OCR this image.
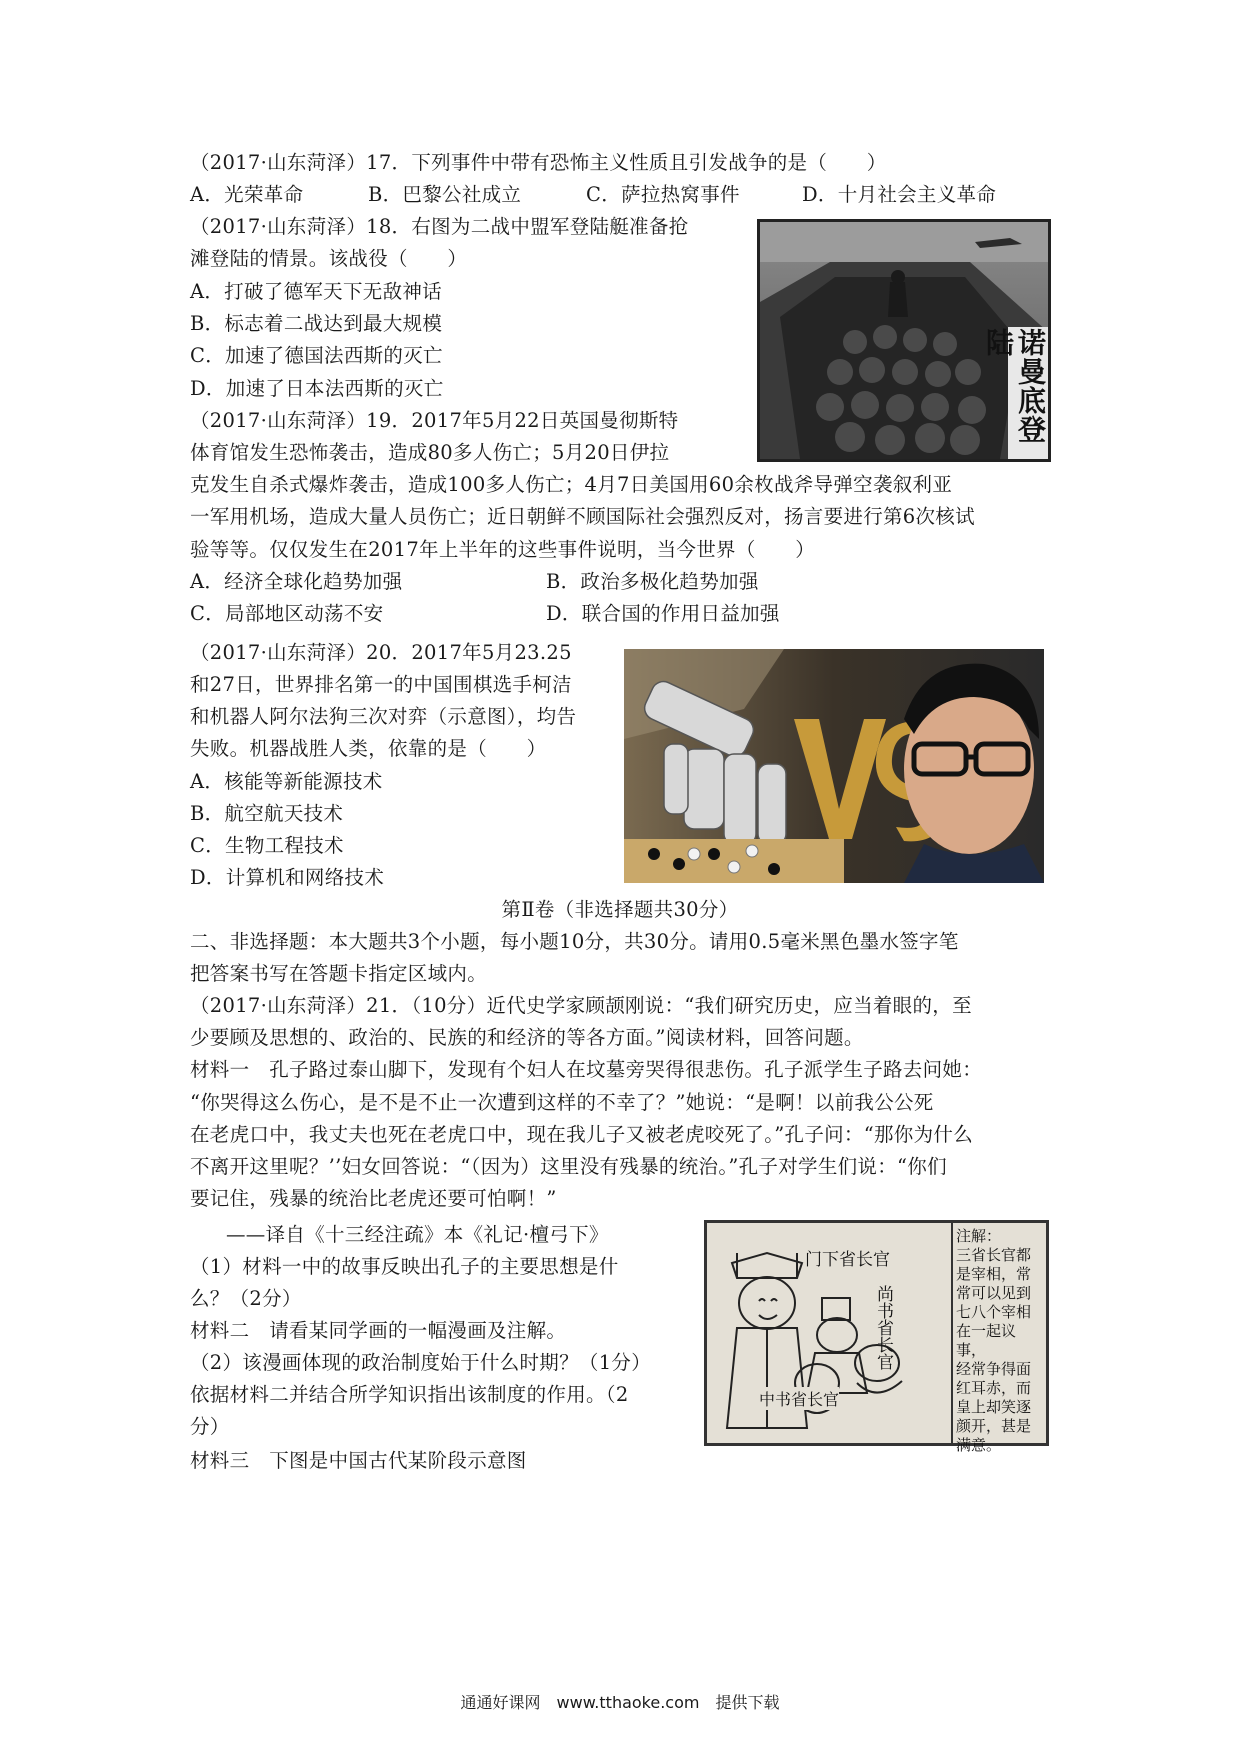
（2017·山东菏泽）17．下列事件中带有恐怖主义性质且引发战争的是（　　）
A．光荣革命	B．巴黎公社成立	C．萨拉热窝事件	D．十月社会主义革命
（2017·山东菏泽）18．右图为二战中盟军登陆艇准备抢
滩登陆的情景。该战役（　　）
A．打破了德军天下无敌神话
B．标志着二战达到最大规模
C．加速了德国法西斯的灭亡
D．加速了日本法西斯的灭亡	诺曼底登陆
（2017·山东菏泽）19．2017年5月22日英国曼彻斯特
体育馆发生恐怖袭击，造成80多人伤亡；5月20日伊拉
克发生自杀式爆炸袭击，造成100多人伤亡；4月7日美国用60余枚战斧导弹空袭叙利亚
一军用机场，造成大量人员伤亡；近日朝鲜不顾国际社会强烈反对，扬言要进行第6次核试
验等等。仅仅发生在2017年上半年的这些事件说明，当今世界（　　）
A．经济全球化趋势加强	B．政治多极化趋势加强
C．局部地区动荡不安	D．联合国的作用日益加强
（2017·山东菏泽）20．2017年5月23.25
和27日，世界排名第一的中国围棋选手柯洁
和机器人阿尔法狗三次对弈（示意图），均告
失败。机器战胜人类，依靠的是（　　）
A．核能等新能源技术
B．航空航天技术
C．生物工程技术
D．计算机和网络技术
第Ⅱ卷（非选择题共30分）
二、非选择题：本大题共3个小题，每小题10分，共30分。请用0.5毫米黑色墨水签字笔
把答案书写在答题卡指定区域内。
（2017·山东菏泽）21．（10分）近代史学家顾颉刚说：“我们研究历史，应当着眼的，至
少要顾及思想的、政治的、民族的和经济的等各方面。”阅读材料，回答问题。
材料一　孔子路过泰山脚下，发现有个妇人在坟墓旁哭得很悲伤。孔子派学生子路去问她：
“你哭得这么伤心，是不是不止一次遭到这样的不幸了？”她说：“是啊！以前我公公死
在老虎口中，我丈夫也死在老虎口中，现在我儿子又被老虎咬死了。”孔子问：“那你为什么
不离开这里呢？’’妇女回答说：“（因为）这里没有残暴的统治。”孔子对学生们说：“你们
要记住，残暴的统治比老虎还要可怕啊！”
——译自《十三经注疏》本《礼记·檀弓下》
（1）材料一中的故事反映出孔子的主要思想是什
么？（2分）
材料二　请看某同学画的一幅漫画及注解。
（2）该漫画体现的政治制度始于什么时期？（1分）
依据材料二并结合所学知识指出该制度的作用。（2
分）
材料三　下图是中国古代某阶段示意图
门下省长官
尚书省长官
中书省长官
注解：
三省长官都
是宰相，常
常可以见到
七八个宰相
在一起议事，
经常争得面
红耳赤，而
皇上却笑逐
颜开，甚是
满意。
通通好课网　www.tthaoke.com　提供下载
